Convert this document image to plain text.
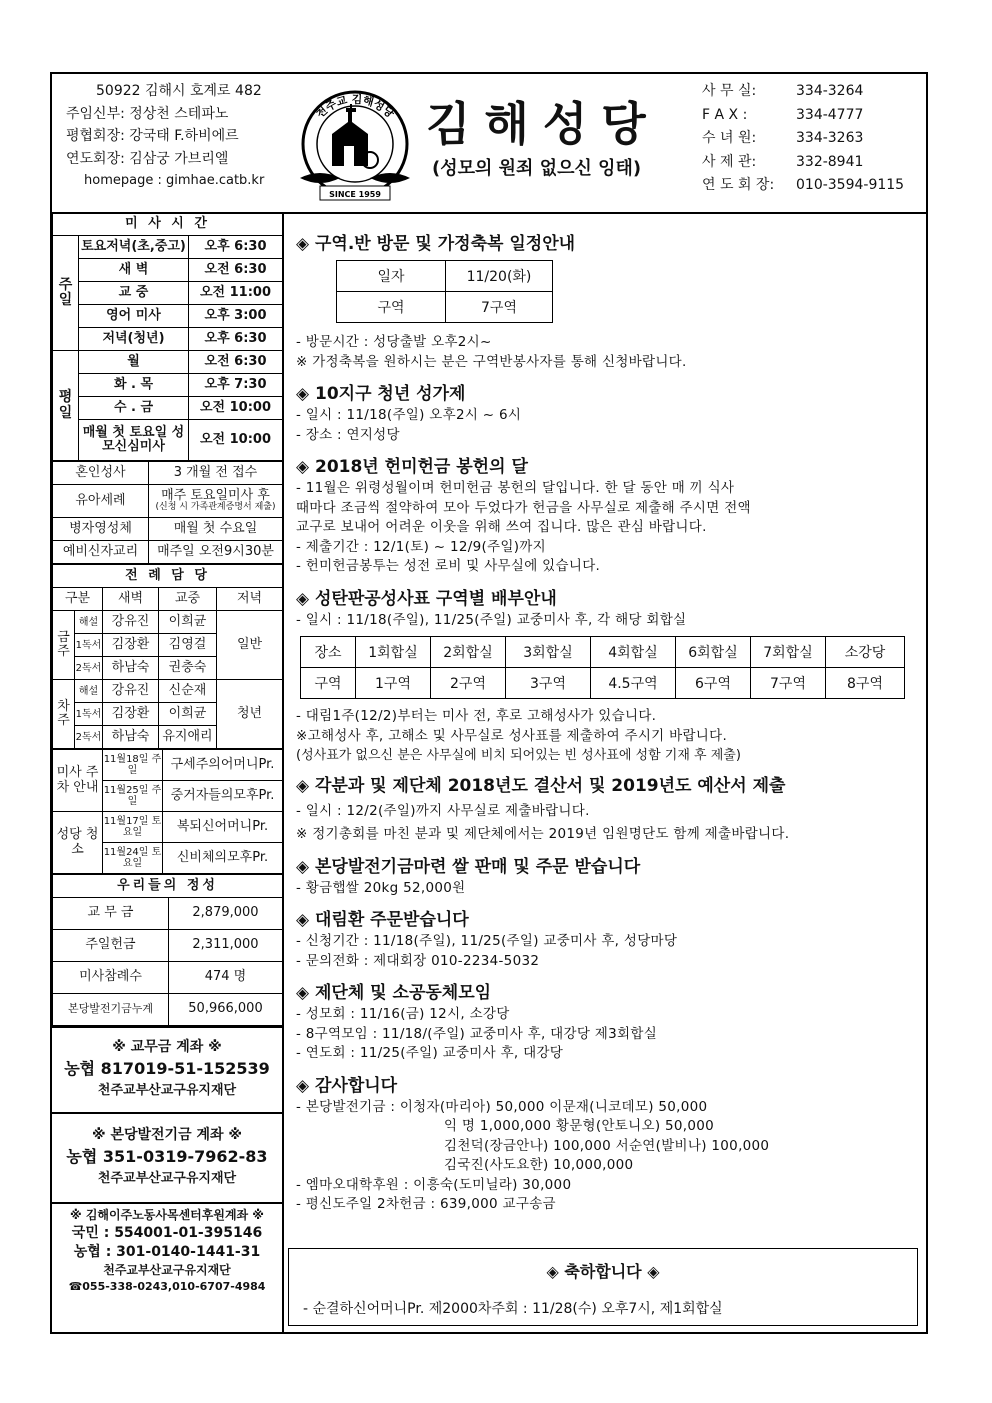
50922 김해시 호계로 482
주임신부: 정상천 스테파노
평협회장: 강국태 F.하비에르
연도회장: 김삼궁 가브리엘
homepage : gimhae.catb.kr
천주교 김해성당
SINCE 1959
김해성당
(성모의 원죄 없으신 잉태)
사 무 실:	334-3264
F A X :	334-4777
수 녀 원:	334-3263
사 제 관:	332-8941
연 도 회 장:	010-3594-9115
미 사 시 간		
주 일	토요저녁(초,중고)	오후 6:30
	새 벽	오전 6:30
	교 중	오전 11:00
	영어 미사	오후 3:00
	저녁(청년)	오후 6:30
평 일	월	오전 6:30
	화 . 목	오후 7:30
	수 . 금	오전 10:00
	매월 첫 토요일 성모신심미사	오전 10:00
혼인성사	3 개월 전 접수
유아세례	매주 토요일미사 후
(신청 시 가족관계증명서 제출)

병자영성체	매월 첫 수요일
예비신자교리	매주일 오전9시30분
전 례 담 당				
구분		새벽	교중	저녁
금주	해설	강유진	이희균	일반
	1독서	김장환	김영걸	
	2독서	하남숙	권충숙	
차주	해설	강유진	신순재	청년
	1독서	김장환	이희균	
	2독서	하남숙	유지애리	
미사 주차 안내	11월18일 주일	구세주의어머니Pr.
	11월25일 주일	중거자들의모후Pr.
성당 청소	11월17일 토요일	복되신어머니Pr.
	11월24일 토요일	신비체의모후Pr.
우리들의 정성	
교 무 금	2,879,000
주일헌금	2,311,000
미사참례수	474 명
본당발전기금누계	50,966,000
※ 교무금 계좌 ※
농협 817019-51-152539
천주교부산교구유지재단
※ 본당발전기금 계좌 ※
농협 351-0319-7962-83
천주교부산교구유지재단
※ 김해이주노동사목센터후원계좌 ※
국민 : 554001-01-395146
농협 : 301-0140-1441-31
천주교부산교구유지재단
☎055-338-0243,010-6707-4984

◈ 구역.반 방문 및 가정축복 일정안내

일자	11/20(화)
구역	7구역

- 방문시간 : 성당출발 오후2시~

※ 가정축복을 원하시는 분은 구역반봉사자를 통해 신청바랍니다.

◈ 10지구 청년 성가제

- 일시 : 11/18(주일) 오후2시 ~ 6시

- 장소 : 연지성당

◈ 2018년 헌미헌금 봉헌의 달

- 11월은 위령성월이며 헌미헌금 봉헌의 달입니다. 한 달 동안 매 끼 식사

때마다 조금씩 절약하여 모아 두었다가 헌금을 사무실로 제출해 주시면 전액

교구로 보내어 어려운 이웃을 위해 쓰여 집니다. 많은 관심 바랍니다.

- 제출기간 : 12/1(토) ~ 12/9(주일)까지

- 헌미헌금봉투는 성전 로비 및 사무실에 있습니다.

◈ 성탄판공성사표 구역별 배부안내

- 일시 : 11/18(주일), 11/25(주일) 교중미사 후, 각 해당 회합실

장소	1회합실	2회합실	3회합실	4회합실	6회합실	7회합실	소강당
구역	1구역	2구역	3구역	4.5구역	6구역	7구역	8구역

- 대림1주(12/2)부터는 미사 전, 후로 고해성사가 있습니다.

※고해성사 후, 고해소 및 사무실로 성사표를 제출하여 주시기 바랍니다.

(성사표가 없으신 분은 사무실에 비치 되어있는 빈 성사표에 성함 기재 후 제출)

◈ 각분과 및 제단체 2018년도 결산서 및 2019년도 예산서 제출

- 일시 : 12/2(주일)까지 사무실로 제출바랍니다.

※ 정기총회를 마친 분과 및 제단체에서는 2019년 임원명단도 함께 제출바랍니다.

◈ 본당발전기금마련 쌀 판매 및 주문 받습니다

- 황금햅쌀 20kg 52,000원

◈ 대림환 주문받습니다

- 신청기간 : 11/18(주일), 11/25(주일) 교중미사 후, 성당마당

- 문의전화 : 제대회장 010-2234-5032

◈ 제단체 및 소공동체모임

- 성모회 : 11/16(금) 12시, 소강당

- 8구역모임 : 11/18/(주일) 교중미사 후, 대강당 제3회합실

- 연도회 : 11/25(주일) 교중미사 후, 대강당

◈ 감사합니다

- 본당발전기금 : 이청자(마리아) 50,000 이문재(니코데모) 50,000

익 명 1,000,000 황문형(안토니오) 50,000

김천덕(장금안나) 100,000 서순연(발비나) 100,000

김국진(사도요한) 10,000,000

- 엠마오대학후원 : 이흥숙(도미닐라) 30,000

- 평신도주일 2차헌금 : 639,000 교구송금

◈ 축하합니다 ◈
- 순결하신어머니Pr. 제2000차주회 : 11/28(수) 오후7시, 제1회합실
